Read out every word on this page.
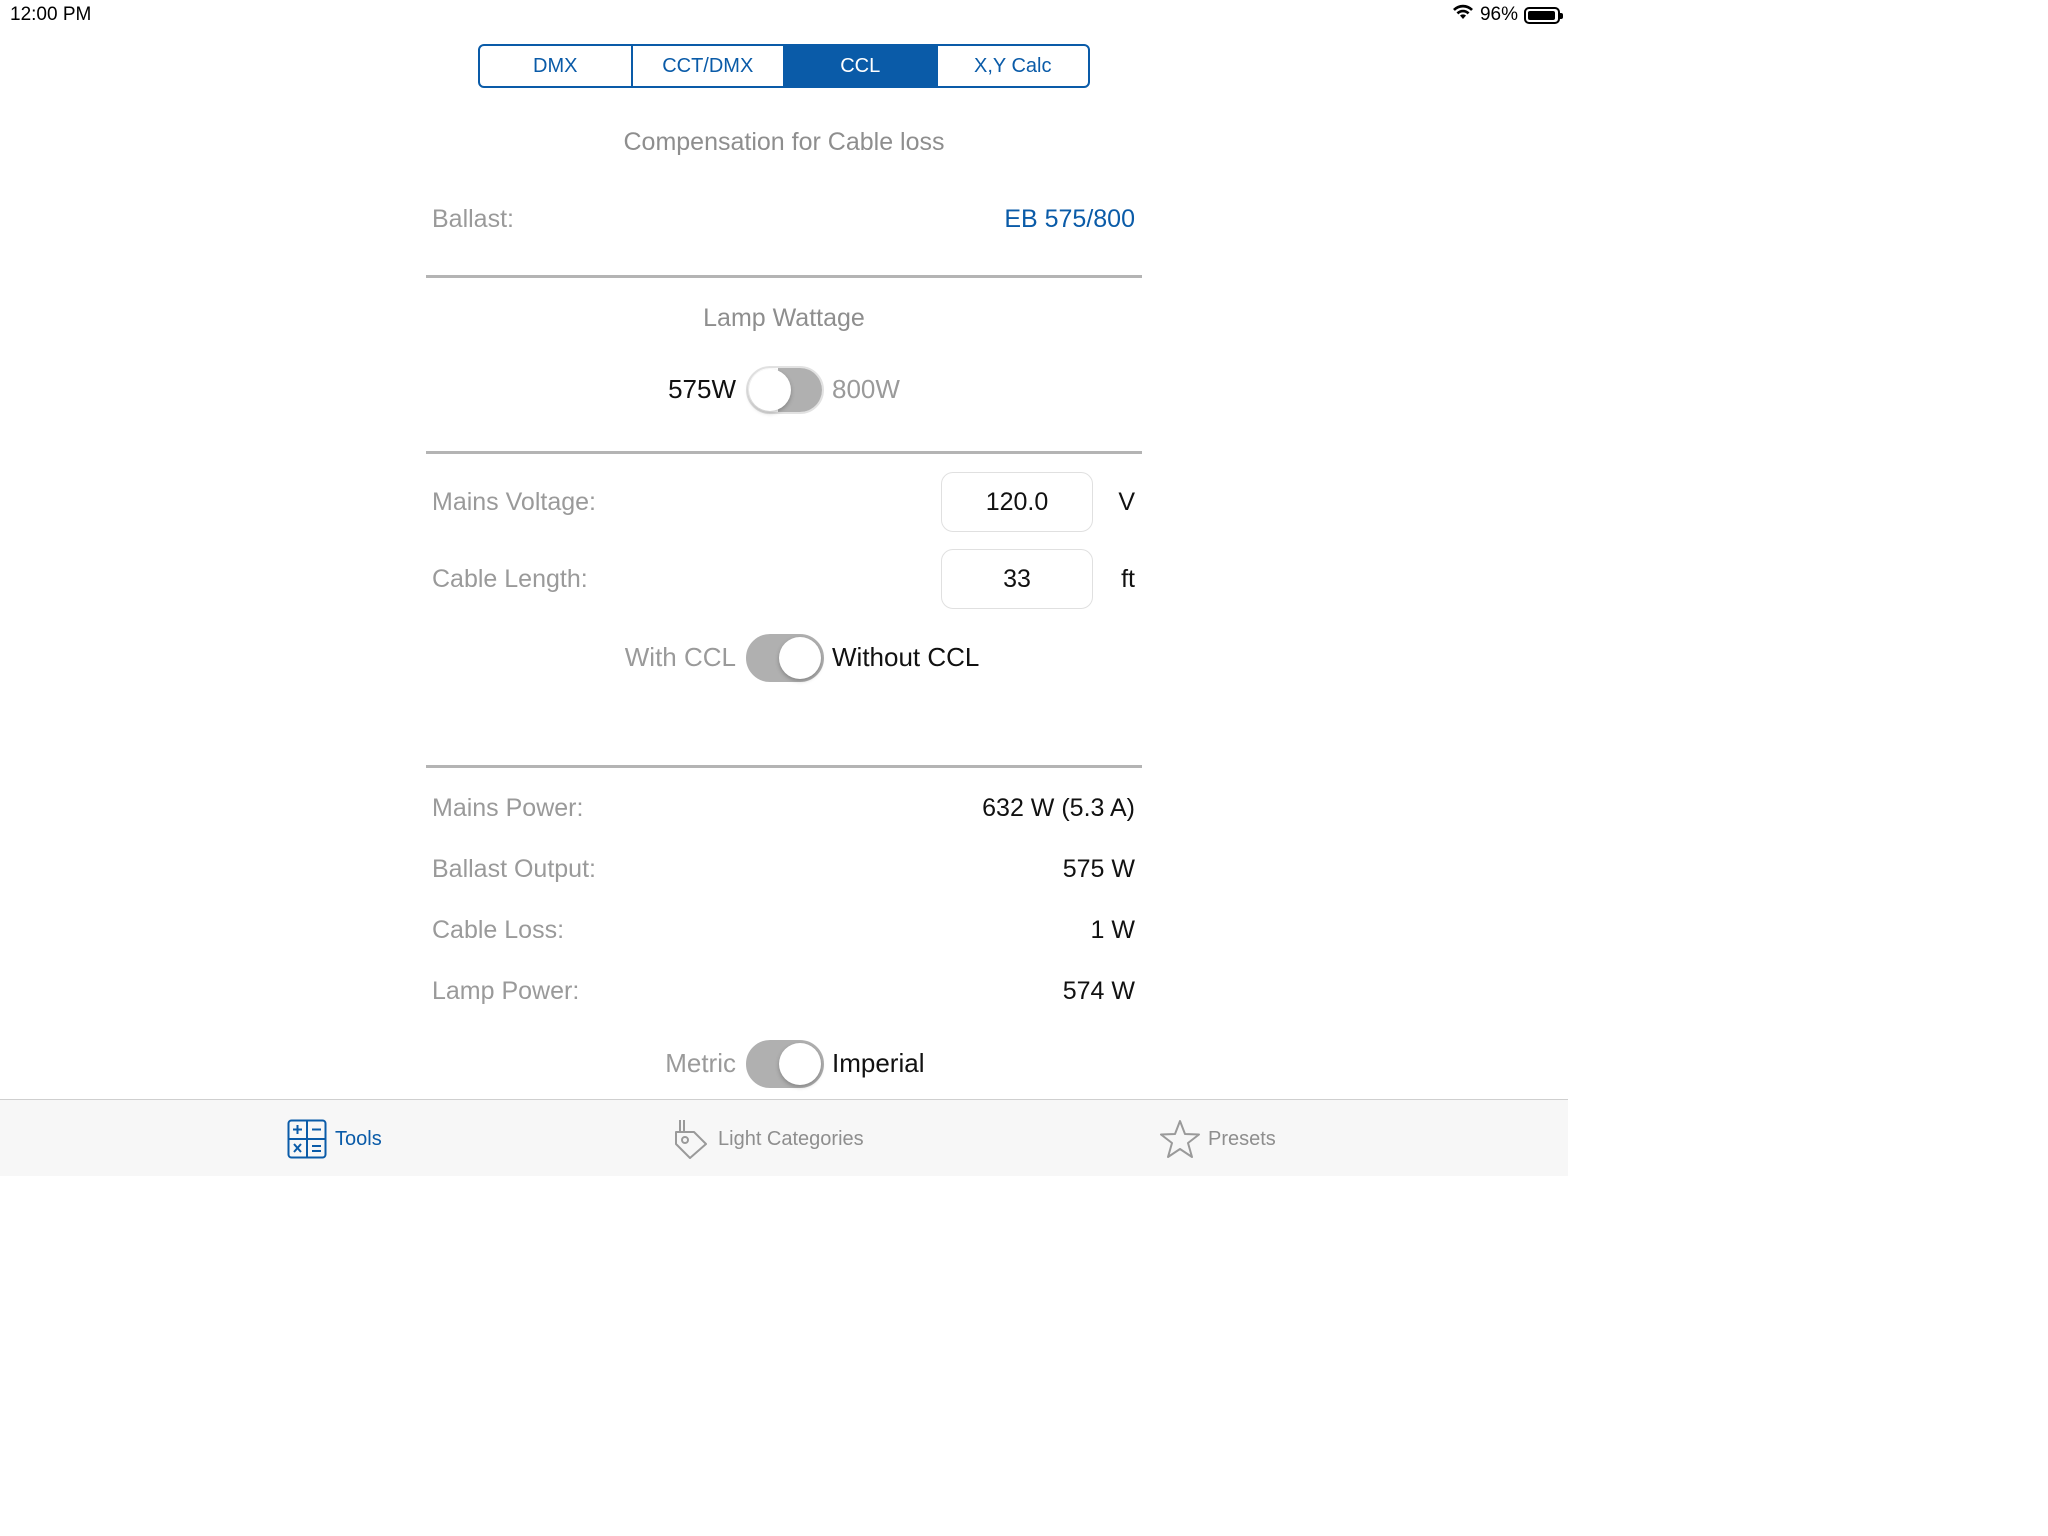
12:00 PM	96%
DMX	CCT/DMX	CCL	X,Y Calc
Compensation for Cable loss
Ballast:	EB 575/800
Lamp Wattage
575W	800W
Mains Voltage:
120.0	V
Cable Length:
33	ft
With CCL	Without CCL
Mains Power:	632 W (5.3 A)
Ballast Output:	575 W
Cable Loss:	1 W
Lamp Power:	574 W
Metric	Imperial
Tools	Light Categories	Presets
